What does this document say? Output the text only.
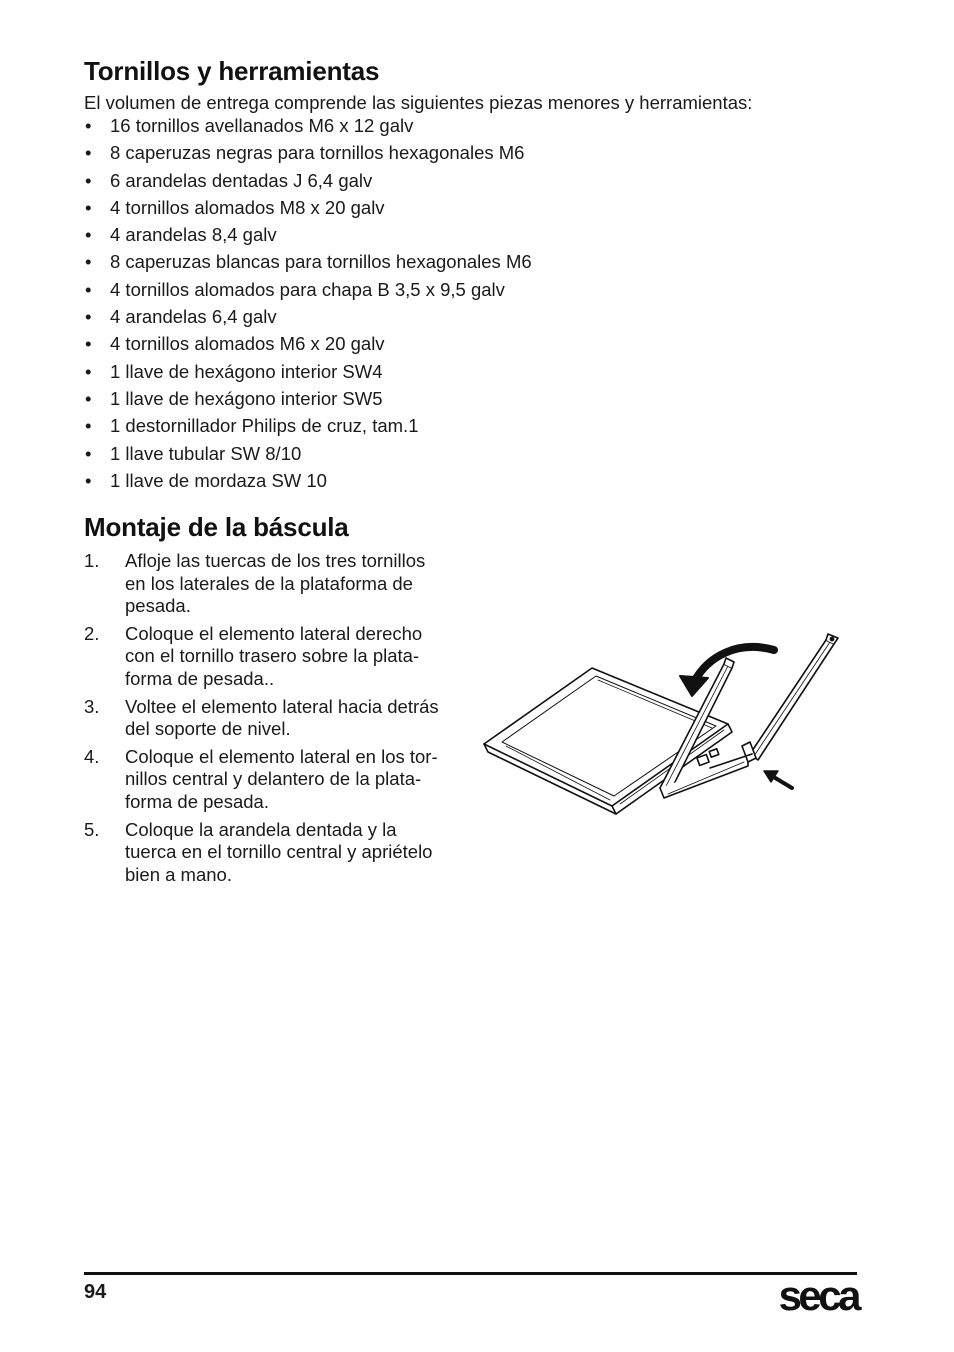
Tornillos y herramientas

El volumen de entrega comprende las siguientes piezas menores y herramientas:

• 16 tornillos avellanados M6 x 12 galv
• 8 caperuzas negras para tornillos hexagonales M6
• 6 arandelas dentadas J 6,4 galv
• 4 tornillos alomados M8 x 20 galv
• 4 arandelas 8,4 galv
• 8 caperuzas blancas para tornillos hexagonales M6
• 4 tornillos alomados para chapa B 3,5 x 9,5 galv
• 4 arandelas 6,4 galv
• 4 tornillos alomados M6 x 20 galv
• 1 llave de hexágono interior SW4
• 1 llave de hexágono interior SW5
• 1 destornillador Philips de cruz, tam.1
• 1 llave tubular SW 8/10
• 1 llave de mordaza SW 10
Montaje de la báscula
1. Afloje las tuercas de los tres tornillos
en los laterales de la plataforma de
pesada.
2. Coloque el elemento lateral derecho
con el tornillo trasero sobre la plata-
forma de pesada..
3. Voltee el elemento lateral hacia detrás
del soporte de nivel.
4. Coloque el elemento lateral en los tor-
nillos central y delantero de la plata-
forma de pesada.
5. Coloque la arandela dentada y la
tuerca en el tornillo central y apriételo
bien a mano.
94	seca
